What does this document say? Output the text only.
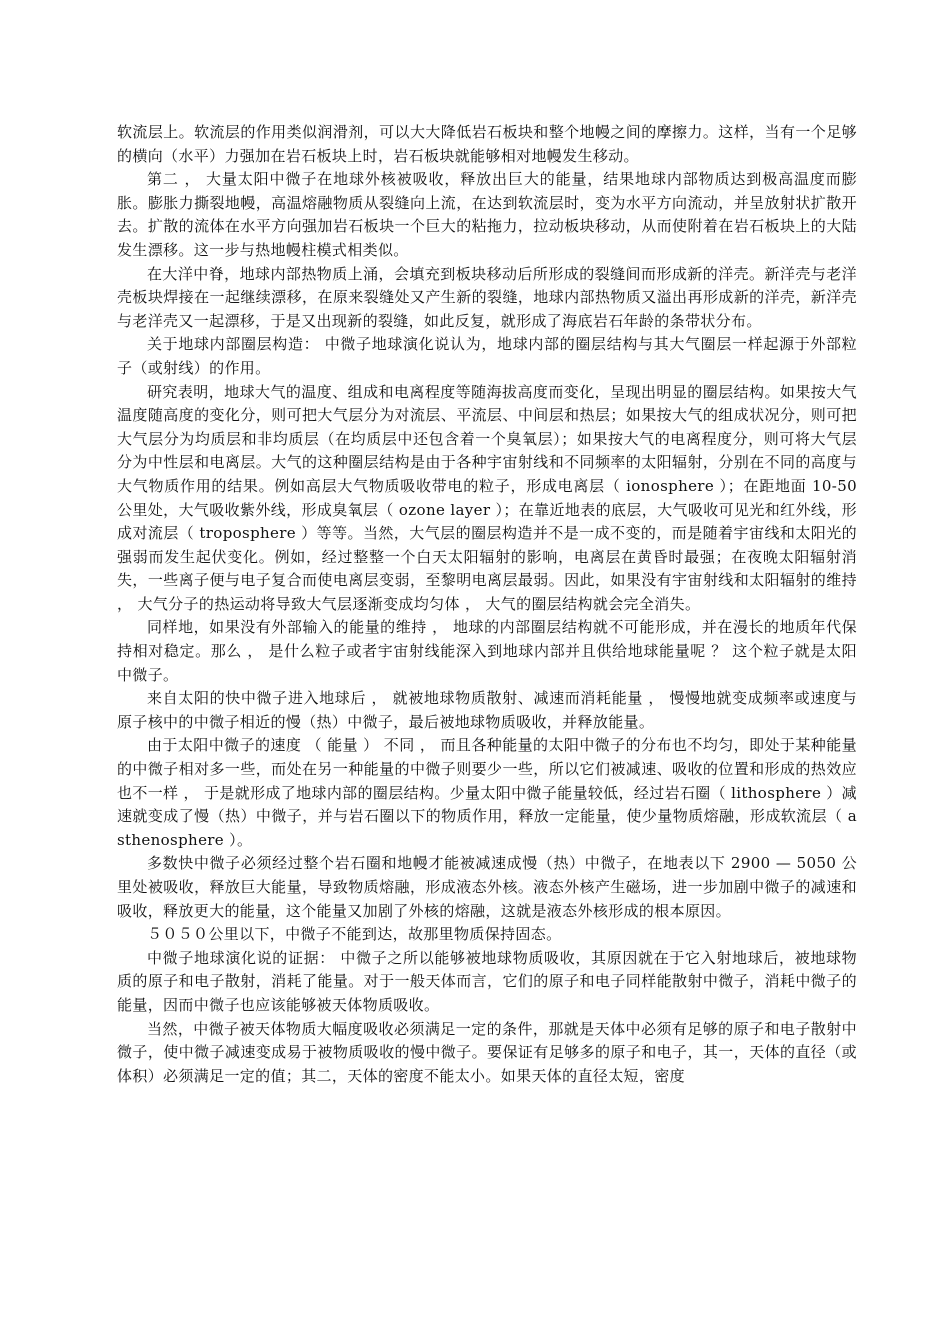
软流层上。软流层的作用类似润滑剂，可以大大降低岩石板块和整个地幔之间的摩擦力。这样，当有一个足够的横向（水平）力强加在岩石板块上时，岩石板块就能够相对地幔发生移动。

第二 ， 大量太阳中微子在地球外核被吸收，释放出巨大的能量，结果地球内部物质达到极高温度而膨胀。膨胀力撕裂地幔，高温熔融物质从裂缝向上流，在达到软流层时，变为水平方向流动，并呈放射状扩散开去。扩散的流体在水平方向强加岩石板块一个巨大的粘拖力，拉动板块移动，从而使附着在岩石板块上的大陆发生漂移。这一步与热地幔柱模式相类似。

在大洋中脊，地球内部热物质上涌，会填充到板块移动后所形成的裂缝间而形成新的洋壳。新洋壳与老洋壳板块焊接在一起继续漂移，在原来裂缝处又产生新的裂缝，地球内部热物质又溢出再形成新的洋壳，新洋壳与老洋壳又一起漂移，于是又出现新的裂缝，如此反复，就形成了海底岩石年龄的条带状分布。

关于地球内部圈层构造： 中微子地球演化说认为，地球内部的圈层结构与其大气圈层一样起源于外部粒子（或射线）的作用。

研究表明，地球大气的温度、组成和电离程度等随海拔高度而变化，呈现出明显的圈层结构。如果按大气温度随高度的变化分，则可把大气层分为对流层、平流层、中间层和热层；如果按大气的组成状况分，则可把大气层分为均质层和非均质层（在均质层中还包含着一个臭氧层）；如果按大气的电离程度分，则可将大气层分为中性层和电离层。大气的这种圈层结构是由于各种宇宙射线和不同频率的太阳辐射，分别在不同的高度与大气物质作用的结果。例如高层大气物质吸收带电的粒子，形成电离层（ ionosphere ）；在距地面 10-50 公里处，大气吸收紫外线，形成臭氧层（ ozone layer ）；在靠近地表的底层，大气吸收可见光和红外线，形成对流层（ troposphere ）等等。当然，大气层的圈层构造并不是一成不变的，而是随着宇宙线和太阳光的强弱而发生起伏变化。例如，经过整整一个白天太阳辐射的影响，电离层在黄昏时最强；在夜晚太阳辐射消失，一些离子便与电子复合而使电离层变弱，至黎明电离层最弱。因此，如果没有宇宙射线和太阳辐射的维持 ， 大气分子的热运动将导致大气层逐渐变成均匀体 ， 大气的圈层结构就会完全消失。

同样地，如果没有外部输入的能量的维持 ， 地球的内部圈层结构就不可能形成，并在漫长的地质年代保持相对稳定。那么 ， 是什么粒子或者宇宙射线能深入到地球内部并且供给地球能量呢 ？ 这个粒子就是太阳中微子。

来自太阳的快中微子进入地球后 ， 就被地球物质散射、减速而消耗能量 ， 慢慢地就变成频率或速度与原子核中的中微子相近的慢（热）中微子，最后被地球物质吸收，并释放能量。

由于太阳中微子的速度 （ 能量 ） 不同 ， 而且各种能量的太阳中微子的分布也不均匀，即处于某种能量的中微子相对多一些，而处在另一种能量的中微子则要少一些，所以它们被减速、吸收的位置和形成的热效应也不一样 ， 于是就形成了地球内部的圈层结构。少量太阳中微子能量较低，经过岩石圈（ lithosphere ）减速就变成了慢（热）中微子，并与岩石圈以下的物质作用，释放一定能量，使少量物质熔融，形成软流层（ asthenosphere ）。

多数快中微子必须经过整个岩石圈和地幔才能被减速成慢（热）中微子，在地表以下 2900 — 5050 公里处被吸收，释放巨大能量，导致物质熔融，形成液态外核。液态外核产生磁场，进一步加剧中微子的减速和吸收，释放更大的能量，这个能量又加剧了外核的熔融，这就是液态外核形成的根本原因。

５０５０公里以下，中微子不能到达，故那里物质保持固态。

中微子地球演化说的证据： 中微子之所以能够被地球物质吸收，其原因就在于它入射地球后，被地球物质的原子和电子散射，消耗了能量。对于一般天体而言，它们的原子和电子同样能散射中微子，消耗中微子的能量，因而中微子也应该能够被天体物质吸收。

当然，中微子被天体物质大幅度吸收必须满足一定的条件，那就是天体中必须有足够的原子和电子散射中微子，使中微子减速变成易于被物质吸收的慢中微子。要保证有足够多的原子和电子，其一，天体的直径（或体积）必须满足一定的值；其二，天体的密度不能太小。如果天体的直径太短，密度
